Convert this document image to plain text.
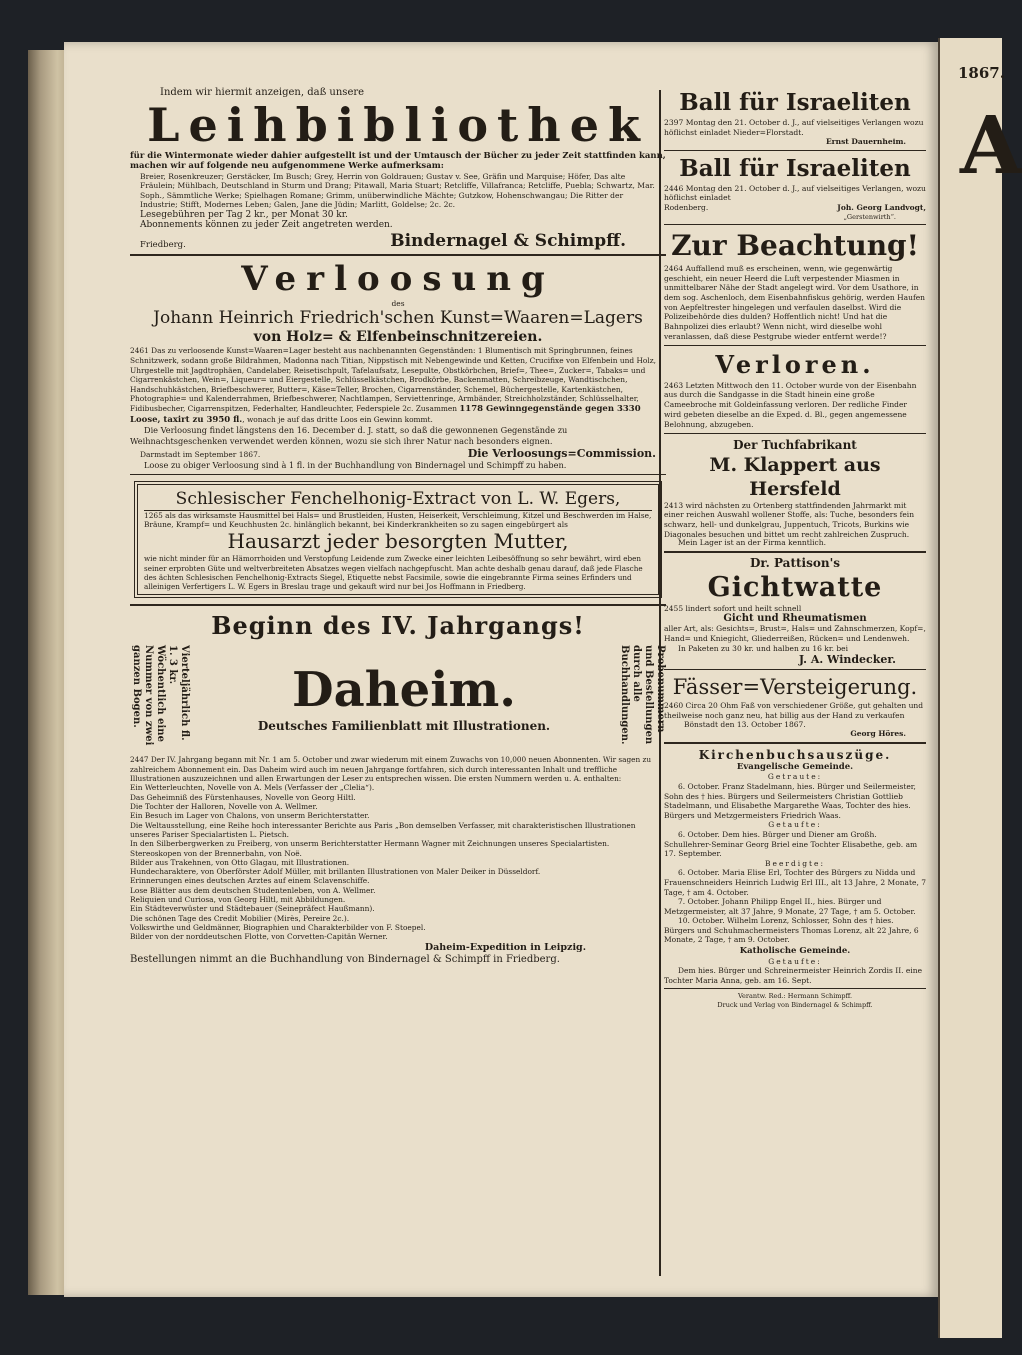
1867.
A

Indem wir hiermit anzeigen, daß unsere

Leihbibliothek

für die Wintermonate wieder dahier aufgestellt ist und der Umtausch der Bücher zu jeder Zeit stattfinden kann, machen wir auf folgende neu aufgenommene Werke aufmerksam:

Breier, Rosenkreuzer; Gerstäcker, Im Busch; Grey, Herrin von Goldrauen; Gustav v. See, Gräfin und Marquise; Höfer, Das alte Fräulein; Mühlbach, Deutschland in Sturm und Drang; Pitawall, Maria Stuart; Retcliffe, Villafranca; Retcliffe, Puebla; Schwartz, Mar. Soph., Sämmtliche Werke; Spielhagen Romane; Grimm, unüberwindliche Mächte; Gutzkow, Hohenschwangau; Die Ritter der Industrie; Stifft, Modernes Leben; Galen, Jane die Jüdin; Marlitt, Goldelse; 2c. 2c.

Lesegebühren per Tag 2 kr., per Monat 30 kr.

Abonnements können zu jeder Zeit angetreten werden.

Friedberg.	Bindernagel & Schimpff.

Verloosung

des

Johann Heinrich Friedrich'schen Kunst=Waaren=Lagers

von Holz= & Elfenbeinschnitzereien.

2461 Das zu verloosende Kunst=Waaren=Lager besteht aus nachbenannten Gegenständen: 1 Blumentisch mit Springbrunnen, feines Schnitzwerk, sodann große Bildrahmen, Madonna nach Titian, Nippstisch mit Nebengewinde und Ketten, Crucifixe von Elfenbein und Holz, Uhrgestelle mit Jagdtrophäen, Candelaber, Reisetischpult, Tafelaufsatz, Lesepulte, Obstkörbchen, Brief=, Thee=, Zucker=, Tabaks= und Cigarrenkästchen, Wein=, Liqueur= und Eiergestelle, Schlüsselkästchen, Brodkörbe, Backenmatten, Schreibzeuge, Wandtischchen, Handschuhkästchen, Briefbeschwerer, Butter=, Käse=Teller, Brochen, Cigarrenständer, Schemel, Büchergestelle, Kartenkästchen, Photographie= und Kalenderrahmen, Briefbeschwerer, Nachtlampen, Serviettenringe, Armbänder, Streichholzständer, Schlüsselhalter, Fidibusbecher, Cigarrenspitzen, Federhalter, Handleuchter, Federspiele 2c. Zusammen 1178 Gewinngegenstände gegen 3330 Loose, taxirt zu 3950 fl., wonach je auf das dritte Loos ein Gewinn kommt.

Die Verloosung findet längstens den 16. December d. J. statt, so daß die gewonnenen Gegenstände zu Weihnachtsgeschenken verwendet werden können, wozu sie sich ihrer Natur nach besonders eignen.

Darmstadt im September 1867.	Die Verloosungs=Commission.

Loose zu obiger Verloosung sind à 1 fl. in der Buchhandlung von Bindernagel und Schimpff zu haben.

Schlesischer Fenchelhonig-Extract von L. W. Egers,

1265 als das wirksamste Hausmittel bei Hals= und Brustleiden, Husten, Heiserkeit, Verschleimung, Kitzel und Beschwerden im Halse, Bräune, Krampf= und Keuchhusten 2c. hinlänglich bekannt, bei Kinderkrankheiten so zu sagen eingebürgert als

Hausarzt jeder besorgten Mutter,

wie nicht minder für an Hämorrhoiden und Verstopfung Leidende zum Zwecke einer leichten Leibesöffnung so sehr bewährt, wird eben seiner erprobten Güte und weltverbreiteten Absatzes wegen vielfach nachgepfuscht. Man achte deshalb genau darauf, daß jede Flasche des ächten Schlesischen Fenchelhonig-Extracts Siegel, Etiquette nebst Facsimile, sowie die eingebrannte Firma seines Erfinders und alleinigen Verfertigers L. W. Egers in Breslau trage und gekauft wird nur bei Jos Hoffmann in Friedberg.

Beginn des IV. Jahrgangs!

Vierteljährlich fl. 1. 3 kr. Wöchentlich eine Nummer von zwei ganzen Bogen.	Daheim.

Deutsches Familienblatt mit Illustrationen.	Probenummern und Bestellungen durch alle Buchhandlungen.

2447 Der IV. Jahrgang begann mit Nr. 1 am 5. October und zwar wiederum mit einem Zuwachs von 10,000 neuen Abonnenten. Wir sagen zu zahlreichem Abonnement ein. Das Daheim wird auch im neuen Jahrgange fortfahren, sich durch interessanten Inhalt und treffliche Illustrationen auszuzeichnen und allen Erwartungen der Leser zu entsprechen wissen. Die ersten Nummern werden u. A. enthalten:

Ein Wetterleuchten, Novelle von A. Mels (Verfasser der „Clelia“).

Das Geheimniß des Fürstenhauses, Novelle von Georg Hiltl.

Die Tochter der Halloren, Novelle von A. Wellmer.

Ein Besuch im Lager von Chalons, von unserm Berichterstatter.

Die Weltausstellung, eine Reihe hoch interessanter Berichte aus Paris „Bon demselben Verfasser, mit charakteristischen Illustrationen unseres Pariser Specialartisten L. Pietsch.

In den Silberbergwerken zu Freiberg, von unserm Berichterstatter Hermann Wagner mit Zeichnungen unseres Specialartisten.

Stereoskopen von der Brennerbahn, von Noë.

Bilder aus Trakehnen, von Otto Glagau, mit Illustrationen.

Hundecharaktere, von Oberförster Adolf Müller, mit brillanten Illustrationen von Maler Deiker in Düsseldorf.

Erinnerungen eines deutschen Arztes auf einem Sclavenschiffe.

Lose Blätter aus dem deutschen Studentenleben, von A. Wellmer.

Reliquien und Curiosa, von Georg Hiltl, mit Abbildungen.

Ein Städteverwüster und Städtebauer (Seinepräfect Haußmann).

Die schönen Tage des Credit Mobilier (Mirès, Pereire 2c.).

Volkswirthe und Geldmänner, Biographien und Charakterbilder von F. Stoepel.

Bilder von der norddeutschen Flotte, von Corvetten-Capitän Werner.

Daheim-Expedition in Leipzig.

Bestellungen nimmt an die Buchhandlung von Bindernagel & Schimpff in Friedberg.

Ball für Israeliten

2397 Montag den 21. October d. J., auf vielseitiges Verlangen wozu höflichst einladet Nieder=Florstadt.

Ernst Dauernheim.

Ball für Israeliten

2446 Montag den 21. October d. J., auf vielseitiges Verlangen, wozu höflichst einladet

Rodenberg.	Joh. Georg Landvogt,

„Gerstenwirth“.

Zur Beachtung!

2464 Auffallend muß es erscheinen, wenn, wie gegenwärtig geschieht, ein neuer Heerd die Luft verpestender Miasmen in unmittelbarer Nähe der Stadt angelegt wird. Vor dem Usathore, in dem sog. Aschenloch, dem Eisenbahnfiskus gehörig, werden Haufen von Aepfeltrester hingelegen und verfaulen daselbst. Wird die Polizeibehörde dies dulden? Hoffentlich nicht! Und hat die Bahnpolizei dies erlaubt? Wenn nicht, wird dieselbe wohl veranlassen, daß diese Pestgrube wieder entfernt werde!?

Verloren.

2463 Letzten Mittwoch den 11. October wurde von der Eisenbahn aus durch die Sandgasse in die Stadt hinein eine große Cameebroche mit Goldeinfassung verloren. Der redliche Finder wird gebeten dieselbe an die Exped. d. Bl., gegen angemessene Belohnung, abzugeben.

Der Tuchfabrikant

M. Klappert aus Hersfeld

2413 wird nächsten zu Ortenberg stattfindenden Jahrmarkt mit einer reichen Auswahl wollener Stoffe, als: Tuche, besonders fein schwarz, hell- und dunkelgrau, Juppentuch, Tricots, Burkins wie Diagonales besuchen und bittet um recht zahlreichen Zuspruch.

Mein Lager ist an der Firma kenntlich.

Dr. Pattison's

Gichtwatte

2455 lindert sofort und heilt schnell

Gicht und Rheumatismen

aller Art, als: Gesichts=, Brust=, Hals= und Zahnschmerzen, Kopf=, Hand= und Kniegicht, Gliederreißen, Rücken= und Lendenweh.

In Paketen zu 30 kr. und halben zu 16 kr. bei

J. A. Windecker.

Fässer=Versteigerung.

2460 Circa 20 Ohm Faß von verschiedener Größe, gut gehalten und theilweise noch ganz neu, hat billig aus der Hand zu verkaufen

Bönstadt den 13. October 1867.

Georg Höres.

Kirchenbuchsauszüge.

Evangelische Gemeinde.

Getraute:

6. October. Franz Stadelmann, hies. Bürger und Seilermeister, Sohn des † hies. Bürgers und Seilermeisters Christian Gottlieb Stadelmann, und Elisabethe Margarethe Waas, Tochter des hies. Bürgers und Metzgermeisters Friedrich Waas.

Getaufte:

6. October. Dem hies. Bürger und Diener am Großh. Schullehrer-Seminar Georg Briel eine Tochter Elisabethe, geb. am 17. September.

Beerdigte:

6. October. Maria Elise Erl, Tochter des Bürgers zu Nidda und Frauenschneiders Heinrich Ludwig Erl III., alt 13 Jahre, 2 Monate, 7 Tage, † am 4. October.

7. October. Johann Philipp Engel II., hies. Bürger und Metzgermeister, alt 37 Jahre, 9 Monate, 27 Tage, † am 5. October.

10. October. Wilhelm Lorenz, Schlosser, Sohn des † hies. Bürgers und Schuhmachermeisters Thomas Lorenz, alt 22 Jahre, 6 Monate, 2 Tage, † am 9. October.

Katholische Gemeinde.

Getaufte:

Dem hies. Bürger und Schreinermeister Heinrich Zordis II. eine Tochter Maria Anna, geb. am 16. Sept.

Verantw. Red.: Hermann Schimpff.

Druck und Verlag von Bindernagel & Schimpff.
